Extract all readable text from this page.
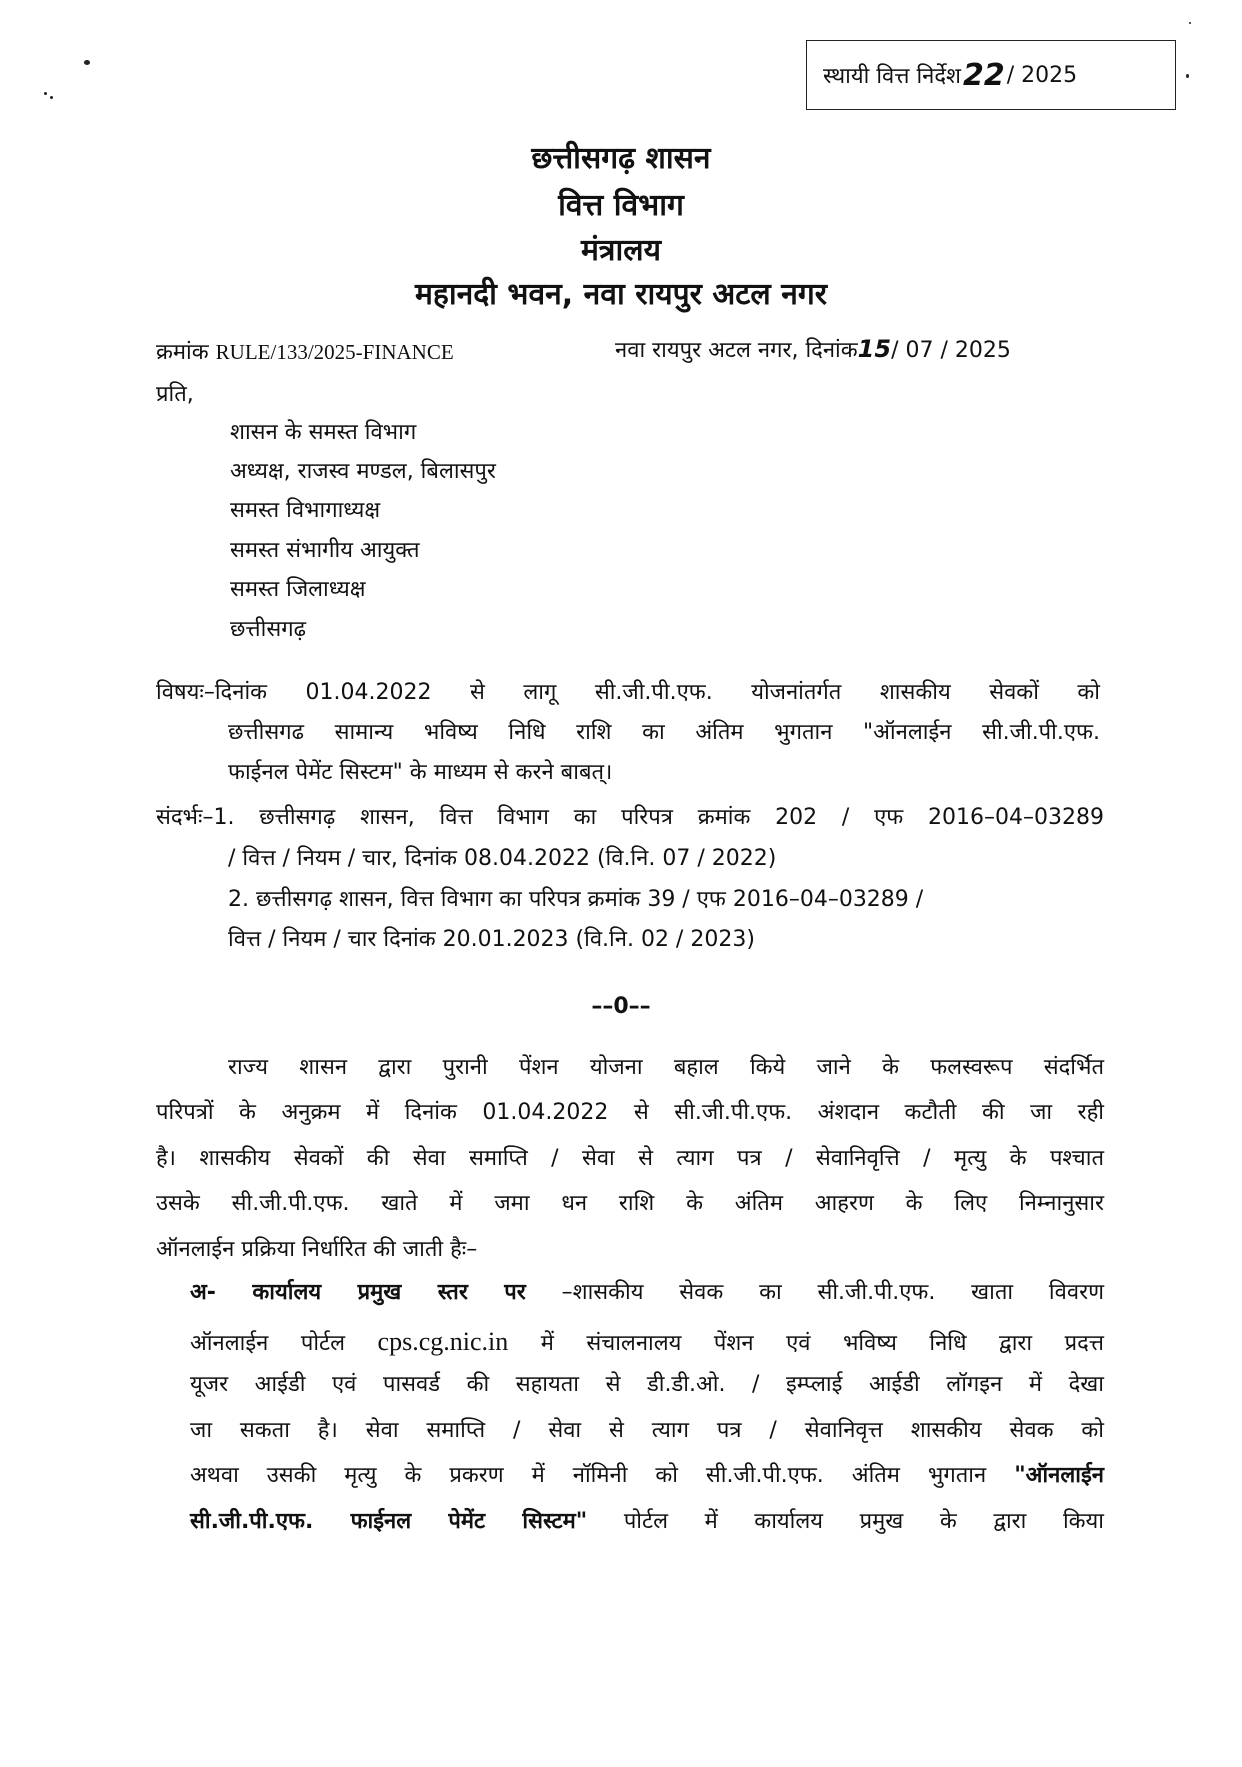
स्थायी वित्त निर्देश 22 / 2025
छत्तीसगढ़ शासन
वित्त विभाग
मंत्रालय
महानदी भवन, नवा रायपुर अटल नगर
क्रमांक RULE/133/2025-FINANCE	नवा रायपुर अटल नगर, दिनांक15/ 07 / 2025
प्रति,
शासन के समस्त विभाग
अध्यक्ष, राजस्व मण्डल, बिलासपुर
समस्त विभागाध्यक्ष
समस्त संभागीय आयुक्त
समस्त जिलाध्यक्ष
छत्तीसगढ़
विषयः–दिनांक 01.04.2022 से लागू सी.जी.पी.एफ. योजनांतर्गत शासकीय सेवकों को
छत्तीसगढ सामान्य भविष्य निधि राशि का अंतिम भुगतान "ऑनलाईन सी.जी.पी.एफ.
फाईनल पेमेंट सिस्टम" के माध्यम से करने बाबत्।
संदर्भः–1. छत्तीसगढ़ शासन, वित्त विभाग का परिपत्र क्रमांक 202 / एफ 2016–04–03289
/ वित्त / नियम / चार, दिनांक 08.04.2022 (वि.नि. 07 / 2022)
2. छत्तीसगढ़ शासन, वित्त विभाग का परिपत्र क्रमांक 39 / एफ 2016–04–03289 /
वित्त / नियम / चार दिनांक 20.01.2023 (वि.नि. 02 / 2023)
––0––
राज्य शासन द्वारा पुरानी पेंशन योजना बहाल किये जाने के फलस्वरूप संदर्भित
परिपत्रों के अनुक्रम में दिनांक 01.04.2022 से सी.जी.पी.एफ. अंशदान कटौती की जा रही
है। शासकीय सेवकों की सेवा समाप्ति / सेवा से त्याग पत्र / सेवानिवृत्ति / मृत्यु के पश्चात
उसके सी.जी.पी.एफ. खाते में जमा धन राशि के अंतिम आहरण के लिए निम्नानुसार
ऑनलाईन प्रक्रिया निर्धारित की जाती हैः–
अ- कार्यालय प्रमुख स्तर पर –शासकीय सेवक का सी.जी.पी.एफ. खाता विवरण
ऑनलाईन पोर्टल cps.cg.nic.in में संचालनालय पेंशन एवं भविष्य निधि द्वारा प्रदत्त
यूजर आईडी एवं पासवर्ड की सहायता से डी.डी.ओ. / इम्प्लाई आईडी लॉगइन में देखा
जा सकता है। सेवा समाप्ति / सेवा से त्याग पत्र / सेवानिवृत्त शासकीय सेवक को
अथवा उसकी मृत्यु के प्रकरण में नॉमिनी को सी.जी.पी.एफ. अंतिम भुगतान "ऑनलाईन
सी.जी.पी.एफ. फाईनल पेमेंट सिस्टम" पोर्टल में कार्यालय प्रमुख के द्वारा किया
